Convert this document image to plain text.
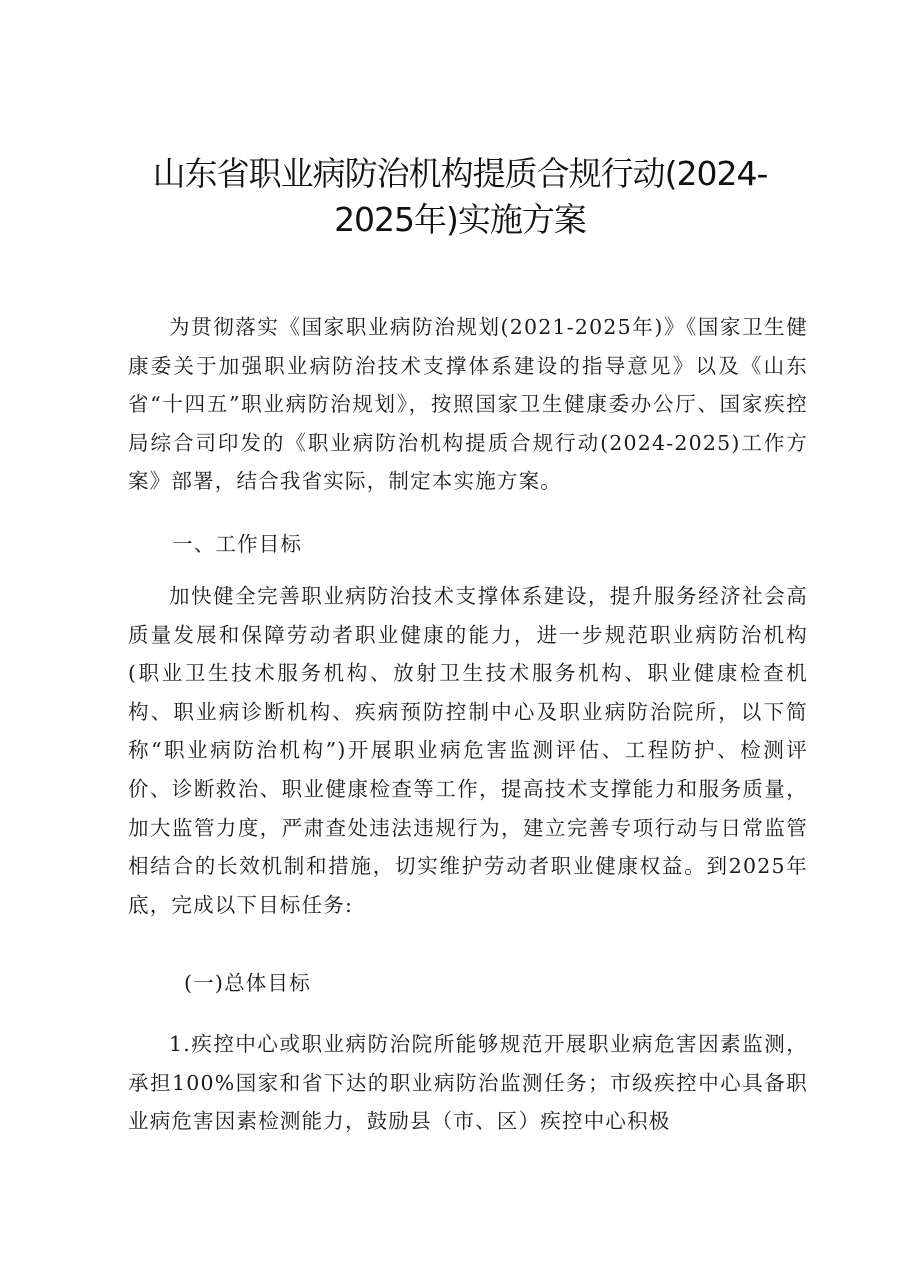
山东省职业病防治机构提质合规行动(2024-
2025年)实施方案

为贯彻落实《国家职业病防治规划(2021-2025年)》《国家卫生健康委关于加强职业病防治技术支撑体系建设的指导意见》以及《山东省“十四五”职业病防治规划》，按照国家卫生健康委办公厅、国家疾控局综合司印发的《职业病防治机构提质合规行动(2024-2025)工作方案》部署，结合我省实际，制定本实施方案。

一、工作目标

加快健全完善职业病防治技术支撑体系建设，提升服务经济社会高质量发展和保障劳动者职业健康的能力，进一步规范职业病防治机构(职业卫生技术服务机构、放射卫生技术服务机构、职业健康检查机构、职业病诊断机构、疾病预防控制中心及职业病防治院所，以下简称“职业病防治机构”)开展职业病危害监测评估、工程防护、检测评价、诊断救治、职业健康检查等工作，提高技术支撑能力和服务质量，加大监管力度，严肃查处违法违规行为，建立完善专项行动与日常监管相结合的长效机制和措施，切实维护劳动者职业健康权益。到2025年底，完成以下目标任务:

(一)总体目标

1.疾控中心或职业病防治院所能够规范开展职业病危害因素监测，承担100%国家和省下达的职业病防治监测任务；市级疾控中心具备职业病危害因素检测能力，鼓励县（市、区）疾控中心积极
